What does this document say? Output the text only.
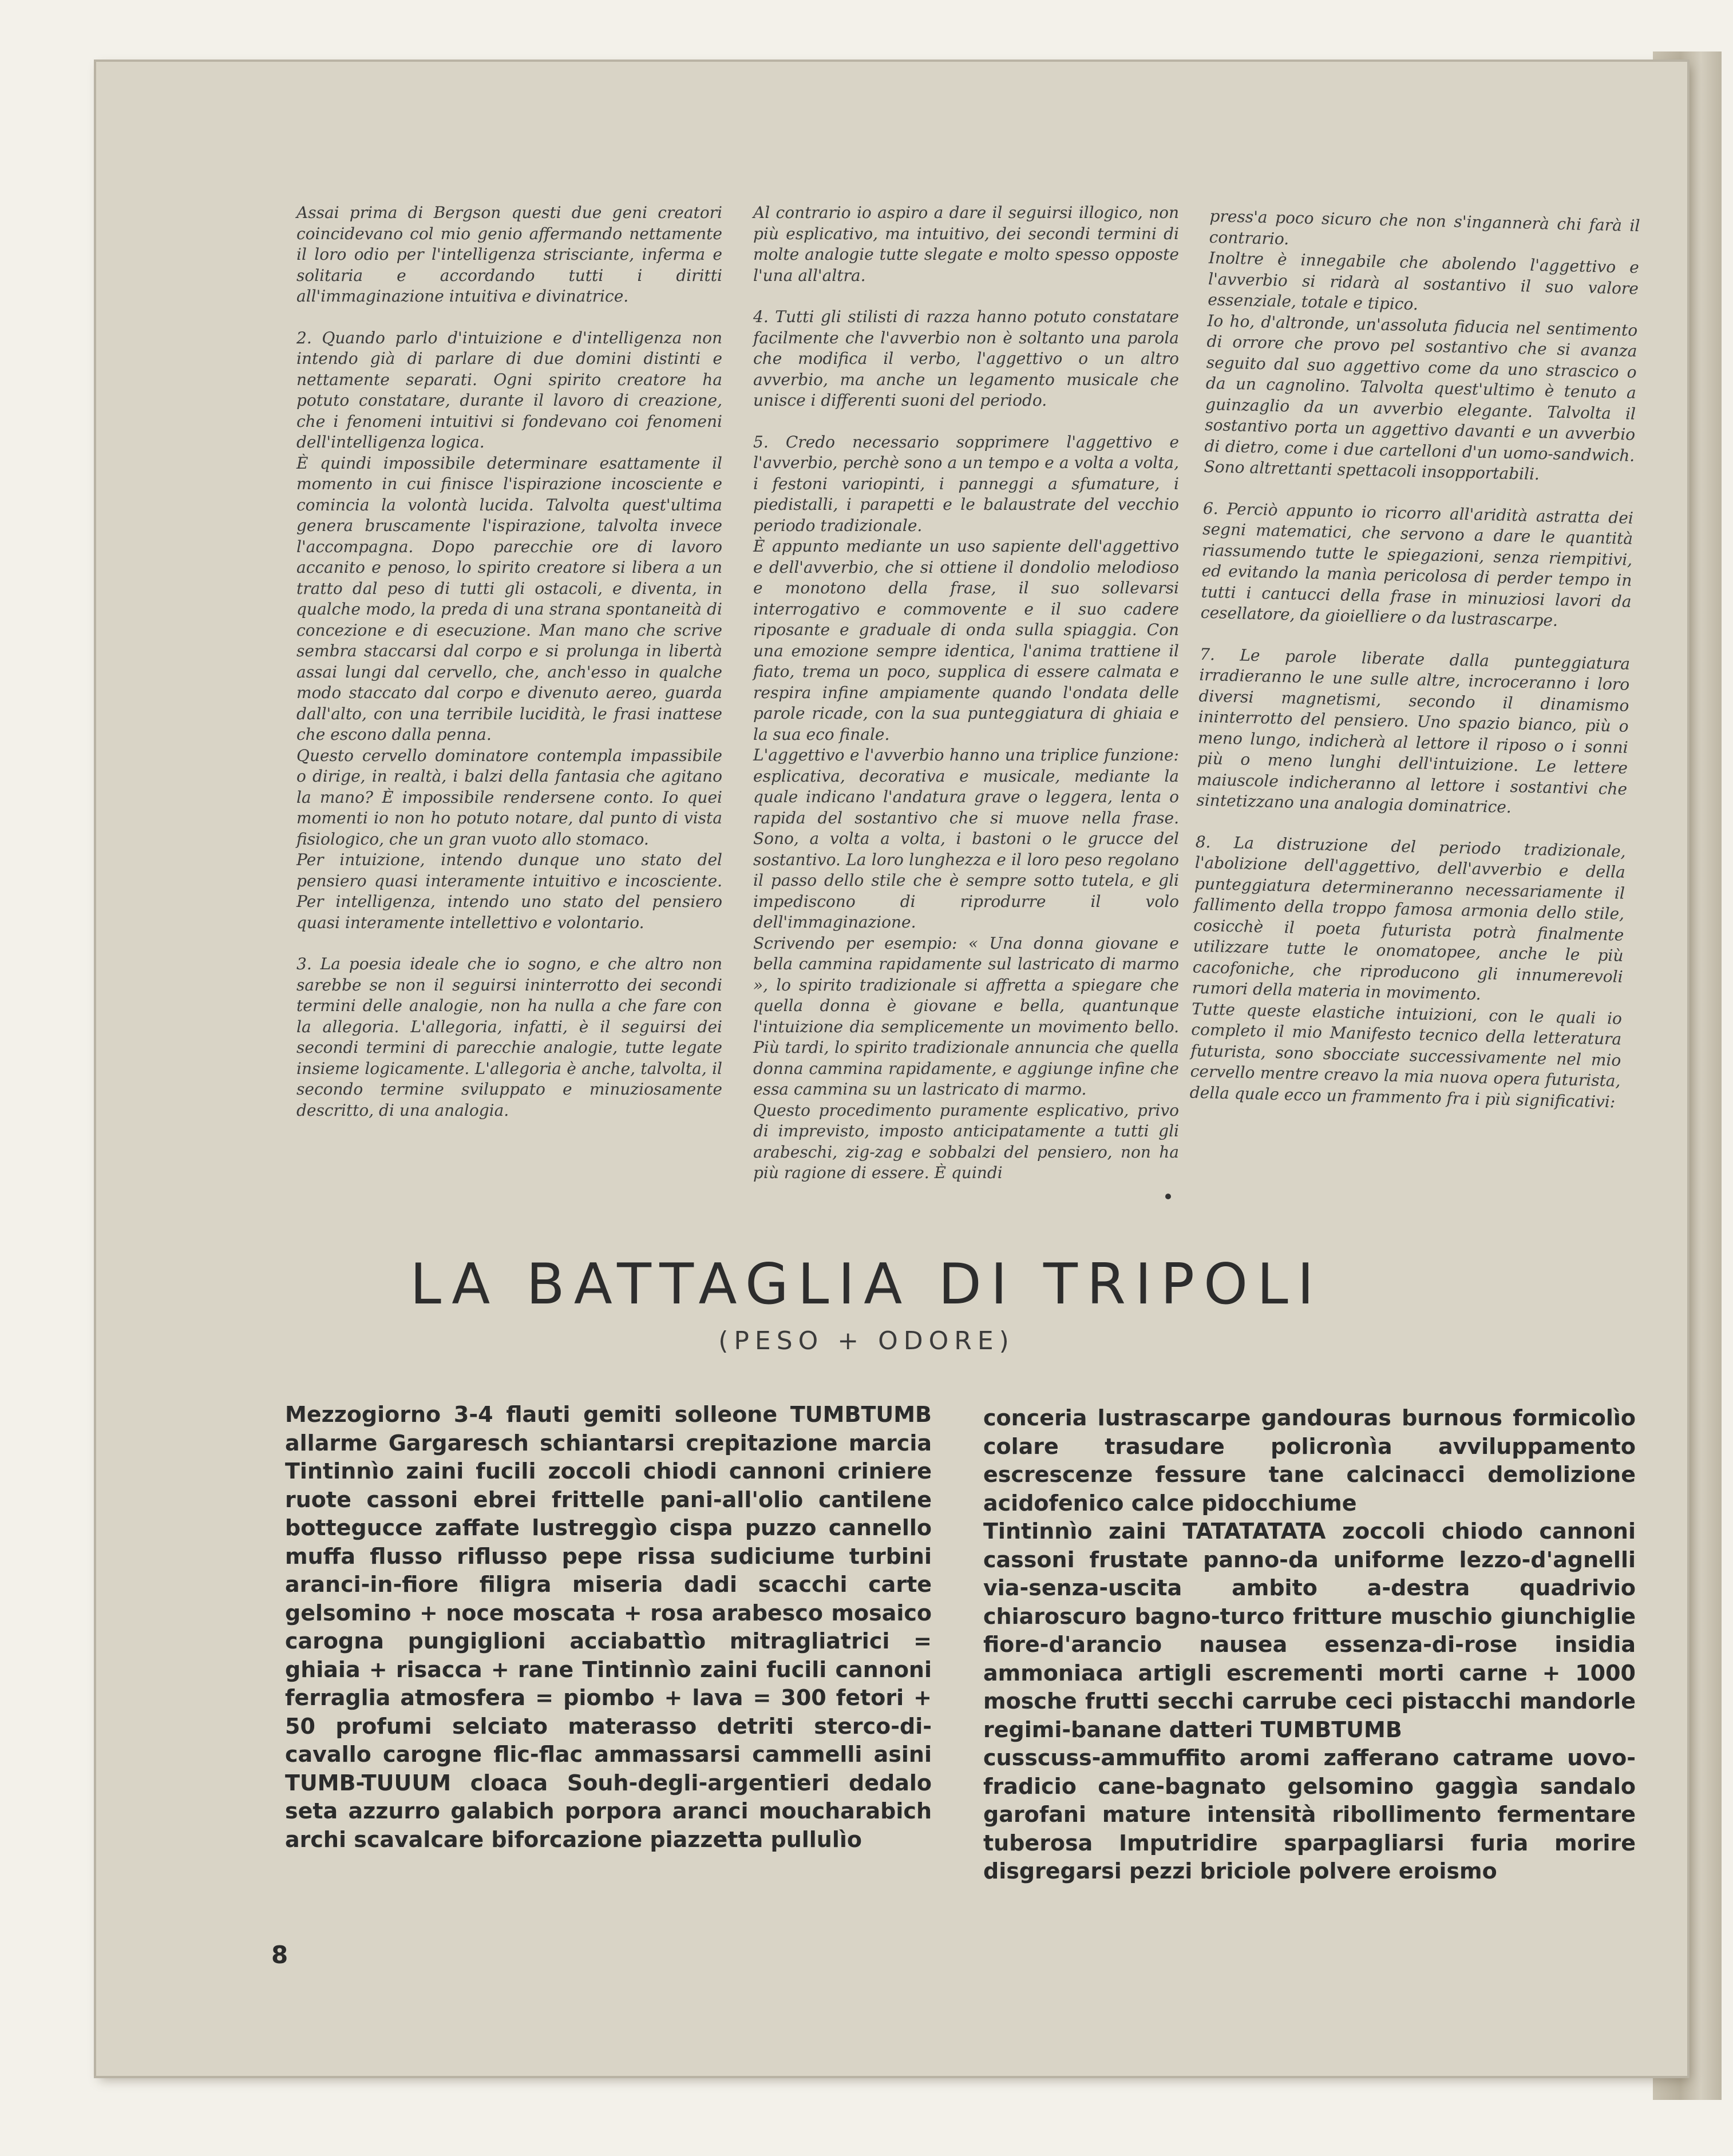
Assai prima di Bergson questi due geni creatori coincidevano col mio genio affermando nettamente il loro odio per l'intelligenza strisciante, inferma e solitaria e accordando tutti i diritti all'immaginazione intuitiva e divinatrice.

2. Quando parlo d'intuizione e d'intelligenza non intendo già di parlare di due domini distinti e nettamente separati. Ogni spirito creatore ha potuto constatare, durante il lavoro di creazione, che i fenomeni intuitivi si fondevano coi fenomeni dell'intelligenza logica.

È quindi impossibile determinare esattamente il momento in cui finisce l'ispirazione incosciente e comincia la volontà lucida. Talvolta quest'ultima genera bruscamente l'ispirazione, talvolta invece l'accompagna. Dopo parecchie ore di lavoro accanito e penoso, lo spirito creatore si libera a un tratto dal peso di tutti gli ostacoli, e diventa, in qualche modo, la preda di una strana spontaneità di concezione e di esecuzione. Man mano che scrive sembra staccarsi dal corpo e si prolunga in libertà assai lungi dal cervello, che, anch'esso in qualche modo staccato dal corpo e divenuto aereo, guarda dall'alto, con una terribile lucidità, le frasi inattese che escono dalla penna.

Questo cervello dominatore contempla impassibile o dirige, in realtà, i balzi della fantasia che agitano la mano? È impossibile rendersene conto. Io quei momenti io non ho potuto notare, dal punto di vista fisiologico, che un gran vuoto allo stomaco.

Per intuizione, intendo dunque uno stato del pensiero quasi interamente intuitivo e incosciente. Per intelligenza, intendo uno stato del pensiero quasi interamente intellettivo e volontario.

3. La poesia ideale che io sogno, e che altro non sarebbe se non il seguirsi ininterrotto dei secondi termini delle analogie, non ha nulla a che fare con la allegoria. L'allegoria, infatti, è il seguirsi dei secondi termini di parecchie analogie, tutte legate insieme logicamente. L'allegoria è anche, talvolta, il secondo termine sviluppato e minuziosamente descritto, di una analogia.

Al contrario io aspiro a dare il seguirsi illogico, non più esplicativo, ma intuitivo, dei secondi termini di molte analogie tutte slegate e molto spesso opposte l'una all'altra.

4. Tutti gli stilisti di razza hanno potuto constatare facilmente che l'avverbio non è soltanto una parola che modifica il verbo, l'aggettivo o un altro avverbio, ma anche un legamento musicale che unisce i differenti suoni del periodo.

5. Credo necessario sopprimere l'aggettivo e l'avverbio, perchè sono a un tempo e a volta a volta, i festoni variopinti, i panneggi a sfumature, i piedistalli, i parapetti e le balaustrate del vecchio periodo tradizionale.

È appunto mediante un uso sapiente dell'aggettivo e dell'avverbio, che si ottiene il dondolio melodioso e monotono della frase, il suo sollevarsi interrogativo e commovente e il suo cadere riposante e graduale di onda sulla spiaggia. Con una emozione sempre identica, l'anima trattiene il fiato, trema un poco, supplica di essere calmata e respira infine ampiamente quando l'ondata delle parole ricade, con la sua punteggiatura di ghiaia e la sua eco finale.

L'aggettivo e l'avverbio hanno una triplice funzione: esplicativa, decorativa e musicale, mediante la quale indicano l'andatura grave o leggera, lenta o rapida del sostantivo che si muove nella frase. Sono, a volta a volta, i bastoni o le grucce del sostantivo. La loro lunghezza e il loro peso regolano il passo dello stile che è sempre sotto tutela, e gli impediscono di riprodurre il volo dell'immaginazione.

Scrivendo per esempio: « Una donna giovane e bella cammina rapidamente sul lastricato di marmo », lo spirito tradizionale si affretta a spiegare che quella donna è giovane e bella, quantunque l'intuizione dia semplicemente un movimento bello. Più tardi, lo spirito tradizionale annuncia che quella donna cammina rapidamente, e aggiunge infine che essa cammina su un lastricato di marmo.

Questo procedimento puramente esplicativo, privo di imprevisto, imposto anticipatamente a tutti gli arabeschi, zig-zag e sobbalzi del pensiero, non ha più ragione di essere. È quindi

press'a poco sicuro che non s'ingannerà chi farà il contrario.

Inoltre è innegabile che abolendo l'aggettivo e l'avverbio si ridarà al sostantivo il suo valore essenziale, totale e tipico.

Io ho, d'altronde, un'assoluta fiducia nel sentimento di orrore che provo pel sostantivo che si avanza seguito dal suo aggettivo come da uno strascico o da un cagnolino. Talvolta quest'ultimo è tenuto a guinzaglio da un avverbio elegante. Talvolta il sostantivo porta un aggettivo davanti e un avverbio di dietro, come i due cartelloni d'un uomo-sandwich. Sono altrettanti spettacoli insopportabili.

6. Perciò appunto io ricorro all'aridità astratta dei segni matematici, che servono a dare le quantità riassumendo tutte le spiegazioni, senza riempitivi, ed evitando la manìa pericolosa di perder tempo in tutti i cantucci della frase in minuziosi lavori da cesellatore, da gioielliere o da lustrascarpe.

7. Le parole liberate dalla punteggiatura irradieranno le une sulle altre, incroceranno i loro diversi magnetismi, secondo il dinamismo ininterrotto del pensiero. Uno spazio bianco, più o meno lungo, indicherà al lettore il riposo o i sonni più o meno lunghi dell'intuizione. Le lettere maiuscole indicheranno al lettore i sostantivi che sintetizzano una analogia dominatrice.

8. La distruzione del periodo tradizionale, l'abolizione dell'aggettivo, dell'avverbio e della punteggiatura determineranno necessariamente il fallimento della troppo famosa armonia dello stile, cosicchè il poeta futurista potrà finalmente utilizzare tutte le onomatopee, anche le più cacofoniche, che riproducono gli innumerevoli rumori della materia in movimento.

Tutte queste elastiche intuizioni, con le quali io completo il mio Manifesto tecnico della letteratura futurista, sono sbocciate successivamente nel mio cervello mentre creavo la mia nuova opera futurista, della quale ecco un frammento fra i più significativi:

LA BATTAGLIA DI TRIPOLI
(PESO + ODORE)

Mezzogiorno 3-4 flauti gemiti solleone TUMBTUMB allarme Gargaresch schiantarsi crepitazione marcia Tintinnìo zaini fucili zoccoli chiodi cannoni criniere ruote cassoni ebrei frittelle pani-all'olio cantilene bottegucce zaffate lustreggìo cispa puzzo cannello muffa flusso riflusso pepe rissa sudiciume turbini aranci-in-fiore filigra miseria dadi scacchi carte gelsomino + noce moscata + rosa arabesco mosaico carogna pungiglioni acciabattìo mitragliatrici = ghiaia + risacca + rane Tintinnìo zaini fucili cannoni ferraglia atmosfera = piombo + lava = 300 fetori + 50 profumi selciato materasso detriti sterco-di-cavallo carogne flic-flac ammassarsi cammelli asini TUMB-TUUUM cloaca Souh-degli-argentieri dedalo seta azzurro galabich porpora aranci moucharabich archi scavalcare biforcazione piazzetta pullulìo

conceria lustrascarpe gandouras burnous formicolìo colare trasudare policronìa avviluppamento escrescenze fessure tane calcinacci demolizione acidofenico calce pidocchiume

Tintinnìo zaini TATATATATA zoccoli chiodo cannoni cassoni frustate panno-da uniforme lezzo-d'agnelli via-senza-uscita ambito a-destra quadrivio chiaroscuro bagno-turco fritture muschio giunchiglie fiore-d'arancio nausea essenza-di-rose insidia ammoniaca artigli escrementi morti carne + 1000 mosche frutti secchi carrube ceci pistacchi mandorle regimi-banane datteri TUMBTUMB

cusscuss-ammuffito aromi zafferano catrame uovo-fradicio cane-bagnato gelsomino gaggìa sandalo garofani mature intensità ribollimento fermentare tuberosa Imputridire sparpagliarsi furia morire disgregarsi pezzi briciole polvere eroismo

8
